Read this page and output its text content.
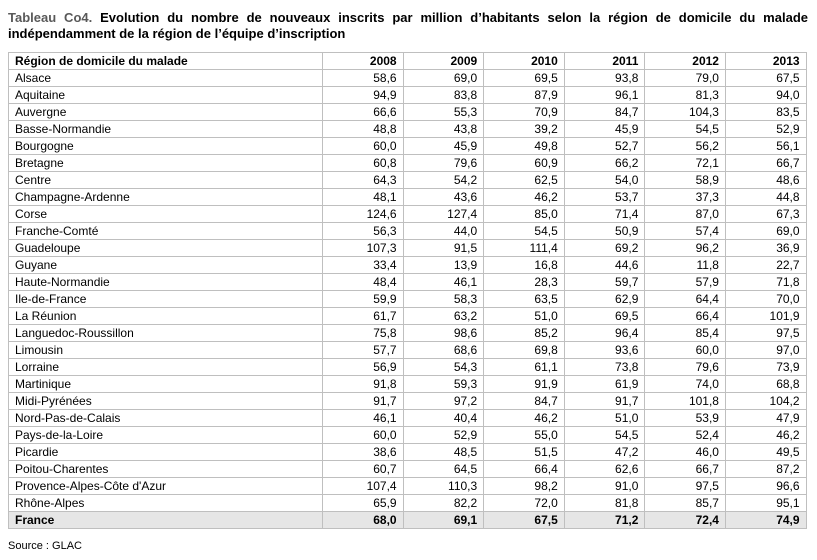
Tableau Co4. Evolution du nombre de nouveaux inscrits par million d’habitants selon la région de domicile du malade indépendamment de la région de l’équipe d’inscription
Région de domicile du malade	2008	2009	2010	2011	2012	2013
Alsace	58,6	69,0	69,5	93,8	79,0	67,5
Aquitaine	94,9	83,8	87,9	96,1	81,3	94,0
Auvergne	66,6	55,3	70,9	84,7	104,3	83,5
Basse-Normandie	48,8	43,8	39,2	45,9	54,5	52,9
Bourgogne	60,0	45,9	49,8	52,7	56,2	56,1
Bretagne	60,8	79,6	60,9	66,2	72,1	66,7
Centre	64,3	54,2	62,5	54,0	58,9	48,6
Champagne-Ardenne	48,1	43,6	46,2	53,7	37,3	44,8
Corse	124,6	127,4	85,0	71,4	87,0	67,3
Franche-Comté	56,3	44,0	54,5	50,9	57,4	69,0
Guadeloupe	107,3	91,5	111,4	69,2	96,2	36,9
Guyane	33,4	13,9	16,8	44,6	11,8	22,7
Haute-Normandie	48,4	46,1	28,3	59,7	57,9	71,8
Ile-de-France	59,9	58,3	63,5	62,9	64,4	70,0
La Réunion	61,7	63,2	51,0	69,5	66,4	101,9
Languedoc-Roussillon	75,8	98,6	85,2	96,4	85,4	97,5
Limousin	57,7	68,6	69,8	93,6	60,0	97,0
Lorraine	56,9	54,3	61,1	73,8	79,6	73,9
Martinique	91,8	59,3	91,9	61,9	74,0	68,8
Midi-Pyrénées	91,7	97,2	84,7	91,7	101,8	104,2
Nord-Pas-de-Calais	46,1	40,4	46,2	51,0	53,9	47,9
Pays-de-la-Loire	60,0	52,9	55,0	54,5	52,4	46,2
Picardie	38,6	48,5	51,5	47,2	46,0	49,5
Poitou-Charentes	60,7	64,5	66,4	62,6	66,7	87,2
Provence-Alpes-Côte d'Azur	107,4	110,3	98,2	91,0	97,5	96,6
Rhône-Alpes	65,9	82,2	72,0	81,8	85,7	95,1
France	68,0	69,1	67,5	71,2	72,4	74,9
Source : GLAC
